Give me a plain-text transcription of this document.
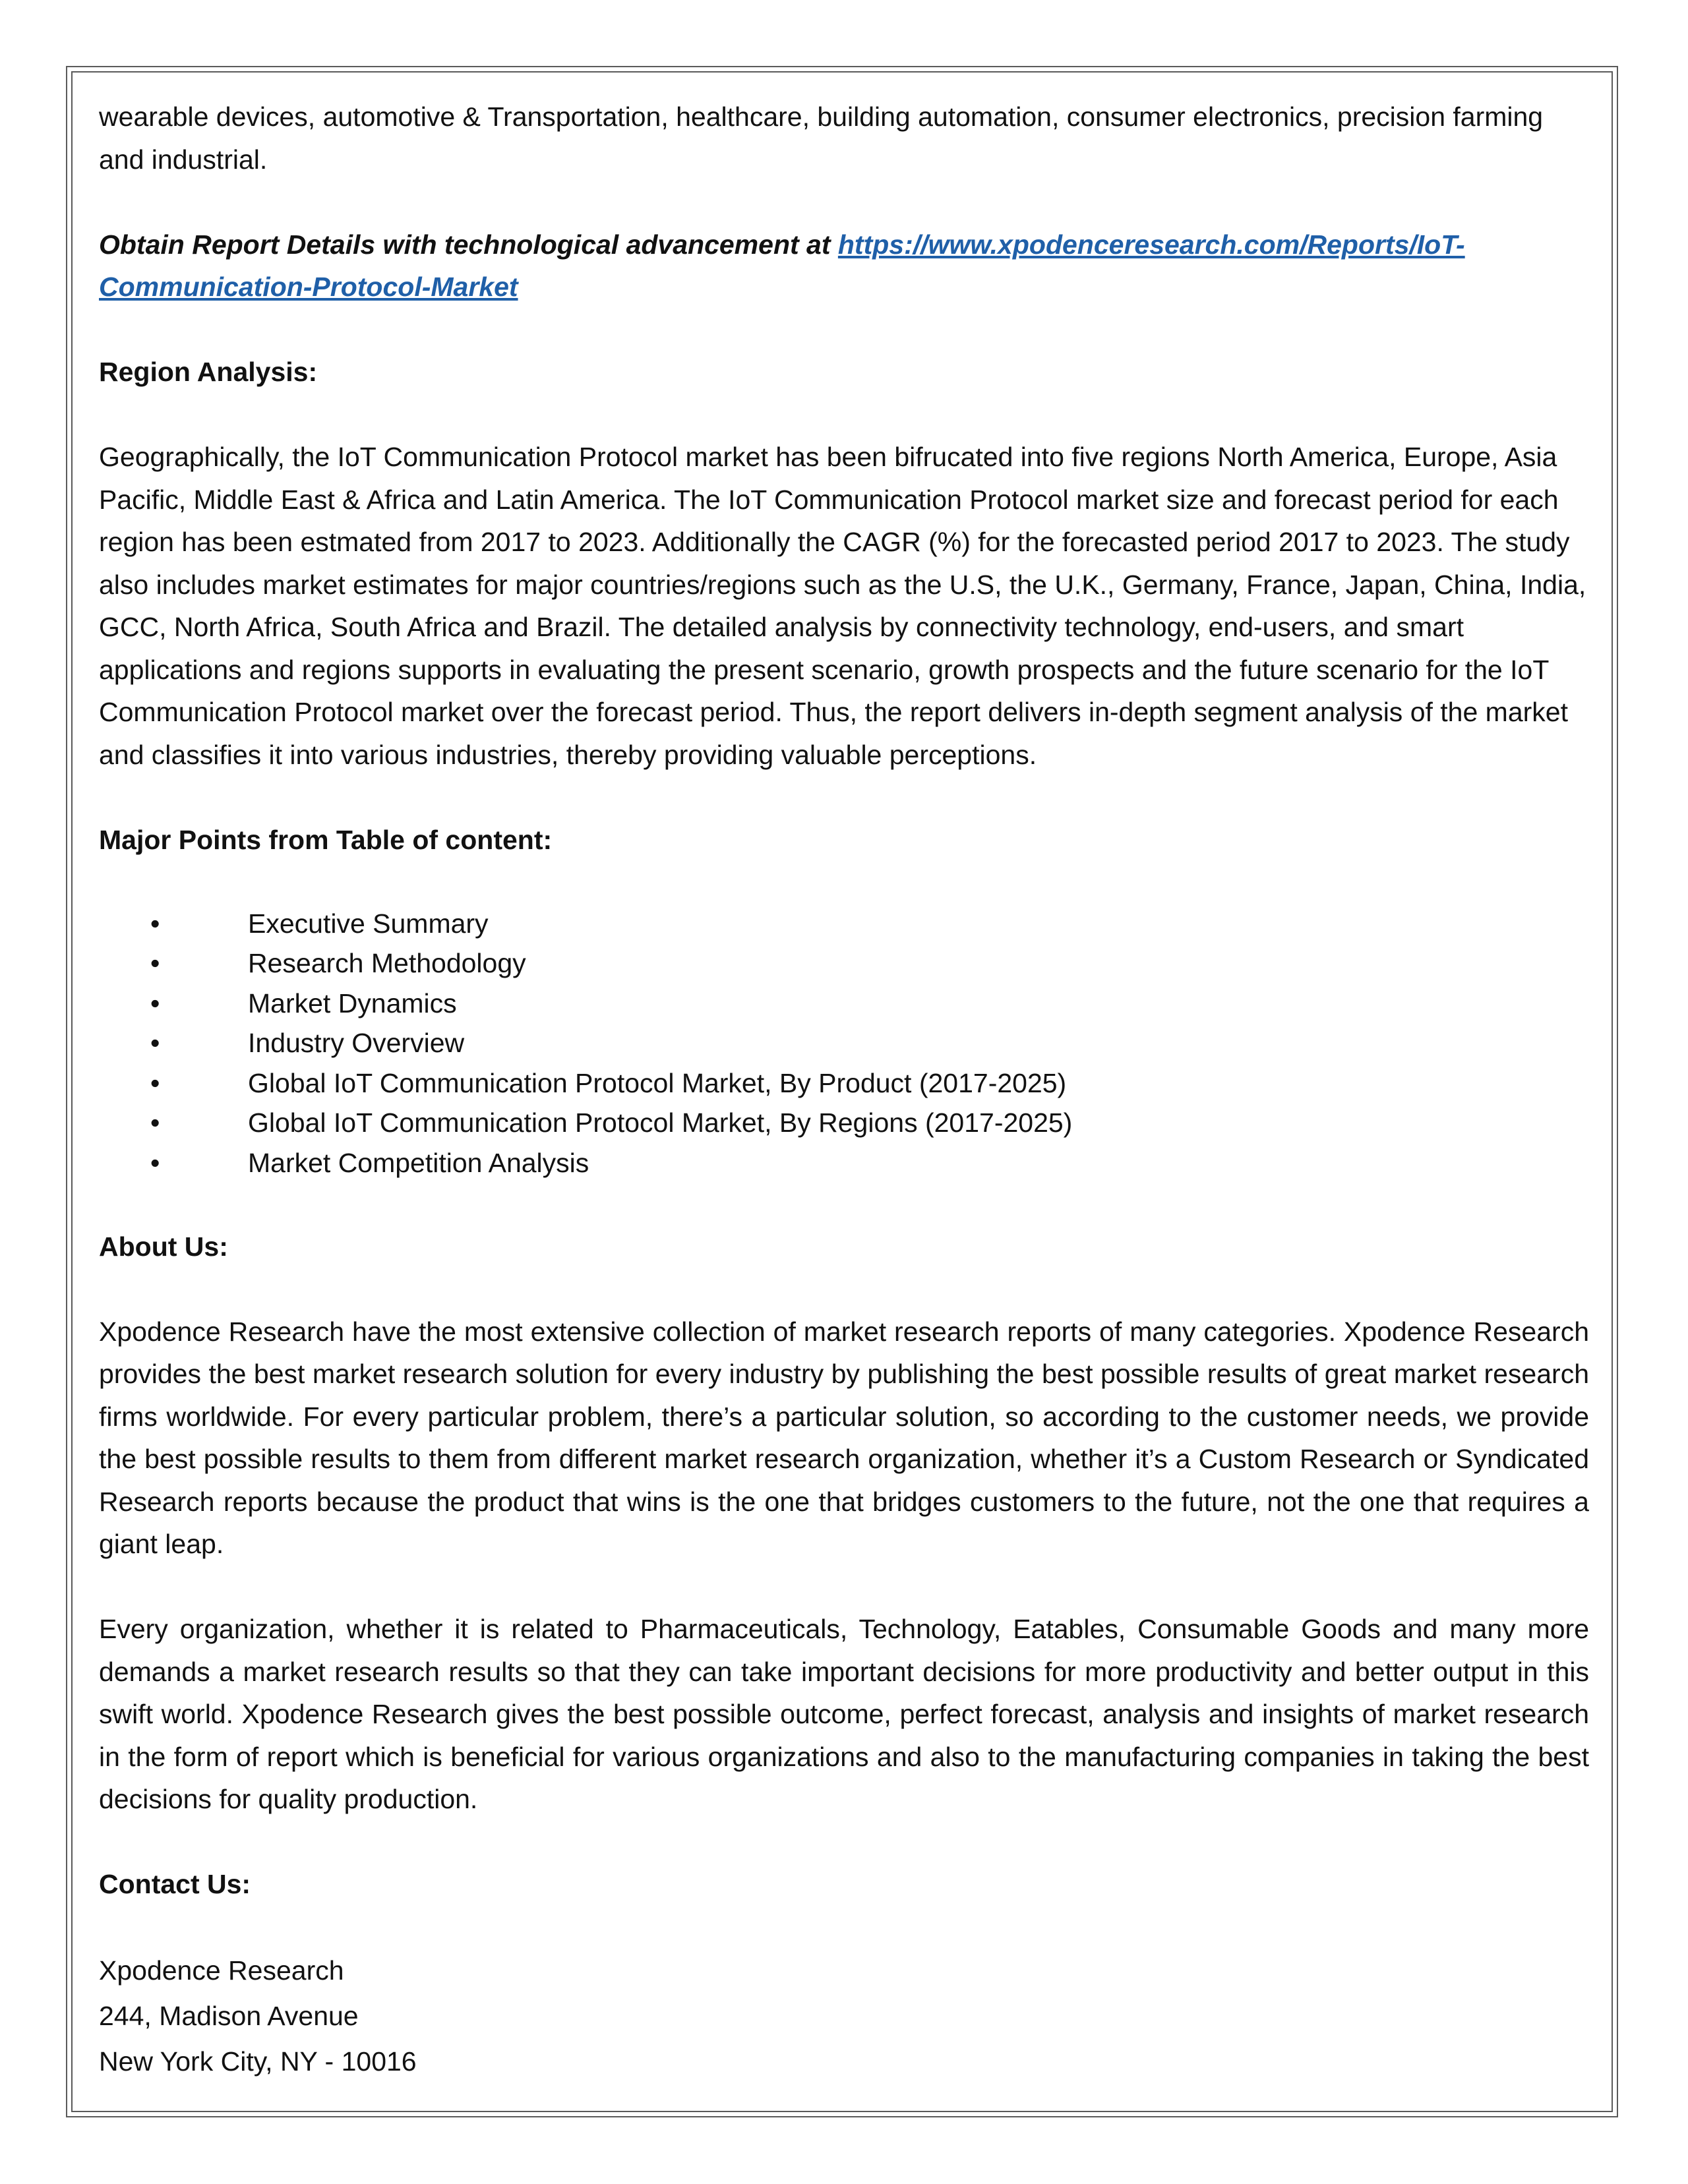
wearable devices, automotive & Transportation, healthcare, building automation, consumer electronics, precision farming and industrial.

Obtain Report Details with technological advancement at https://www.xpodenceresearch.com/Reports/IoT-Communication-Protocol-Market

Region Analysis:

Geographically, the IoT Communication Protocol market has been bifrucated into five regions North America, Europe, Asia Pacific, Middle East & Africa and Latin America. The IoT Communication Protocol market size and forecast period for each region has been estmated from 2017 to 2023. Additionally the CAGR (%) for the forecasted period 2017 to 2023. The study also includes market estimates for major countries/regions such as the U.S, the U.K., Germany, France, Japan, China, India, GCC, North Africa, South Africa and Brazil. The detailed analysis by connectivity technology, end-users, and smart applications and regions supports in evaluating the present scenario, growth prospects and the future scenario for the IoT Communication Protocol market over the forecast period. Thus, the report delivers in-depth segment analysis of the market and classifies it into various industries, thereby providing valuable perceptions.

Major Points from Table of content:

•	Executive Summary
•	Research Methodology
•	Market Dynamics
•	Industry Overview
•	Global IoT Communication Protocol Market, By Product (2017-2025)
•	Global IoT Communication Protocol Market, By Regions (2017-2025)
•	Market Competition Analysis

About Us:

Xpodence Research have the most extensive collection of market research reports of many categories. Xpodence Research provides the best market research solution for every industry by publishing the best possible results of great market research firms worldwide. For every particular problem, there’s a particular solution, so according to the customer needs, we provide the best possible results to them from different market research organization, whether it’s a Custom Research or Syndicated Research reports because the product that wins is the one that bridges customers to the future, not the one that requires a giant leap.

Every organization, whether it is related to Pharmaceuticals, Technology, Eatables, Consumable Goods and many more demands a market research results so that they can take important decisions for more productivity and better output in this swift world. Xpodence Research gives the best possible outcome, perfect forecast, analysis and insights of market research in the form of report which is beneficial for various organizations and also to the manufacturing companies in taking the best decisions for quality production.

Contact Us:

Xpodence Research
244, Madison Avenue
New York City, NY - 10016
